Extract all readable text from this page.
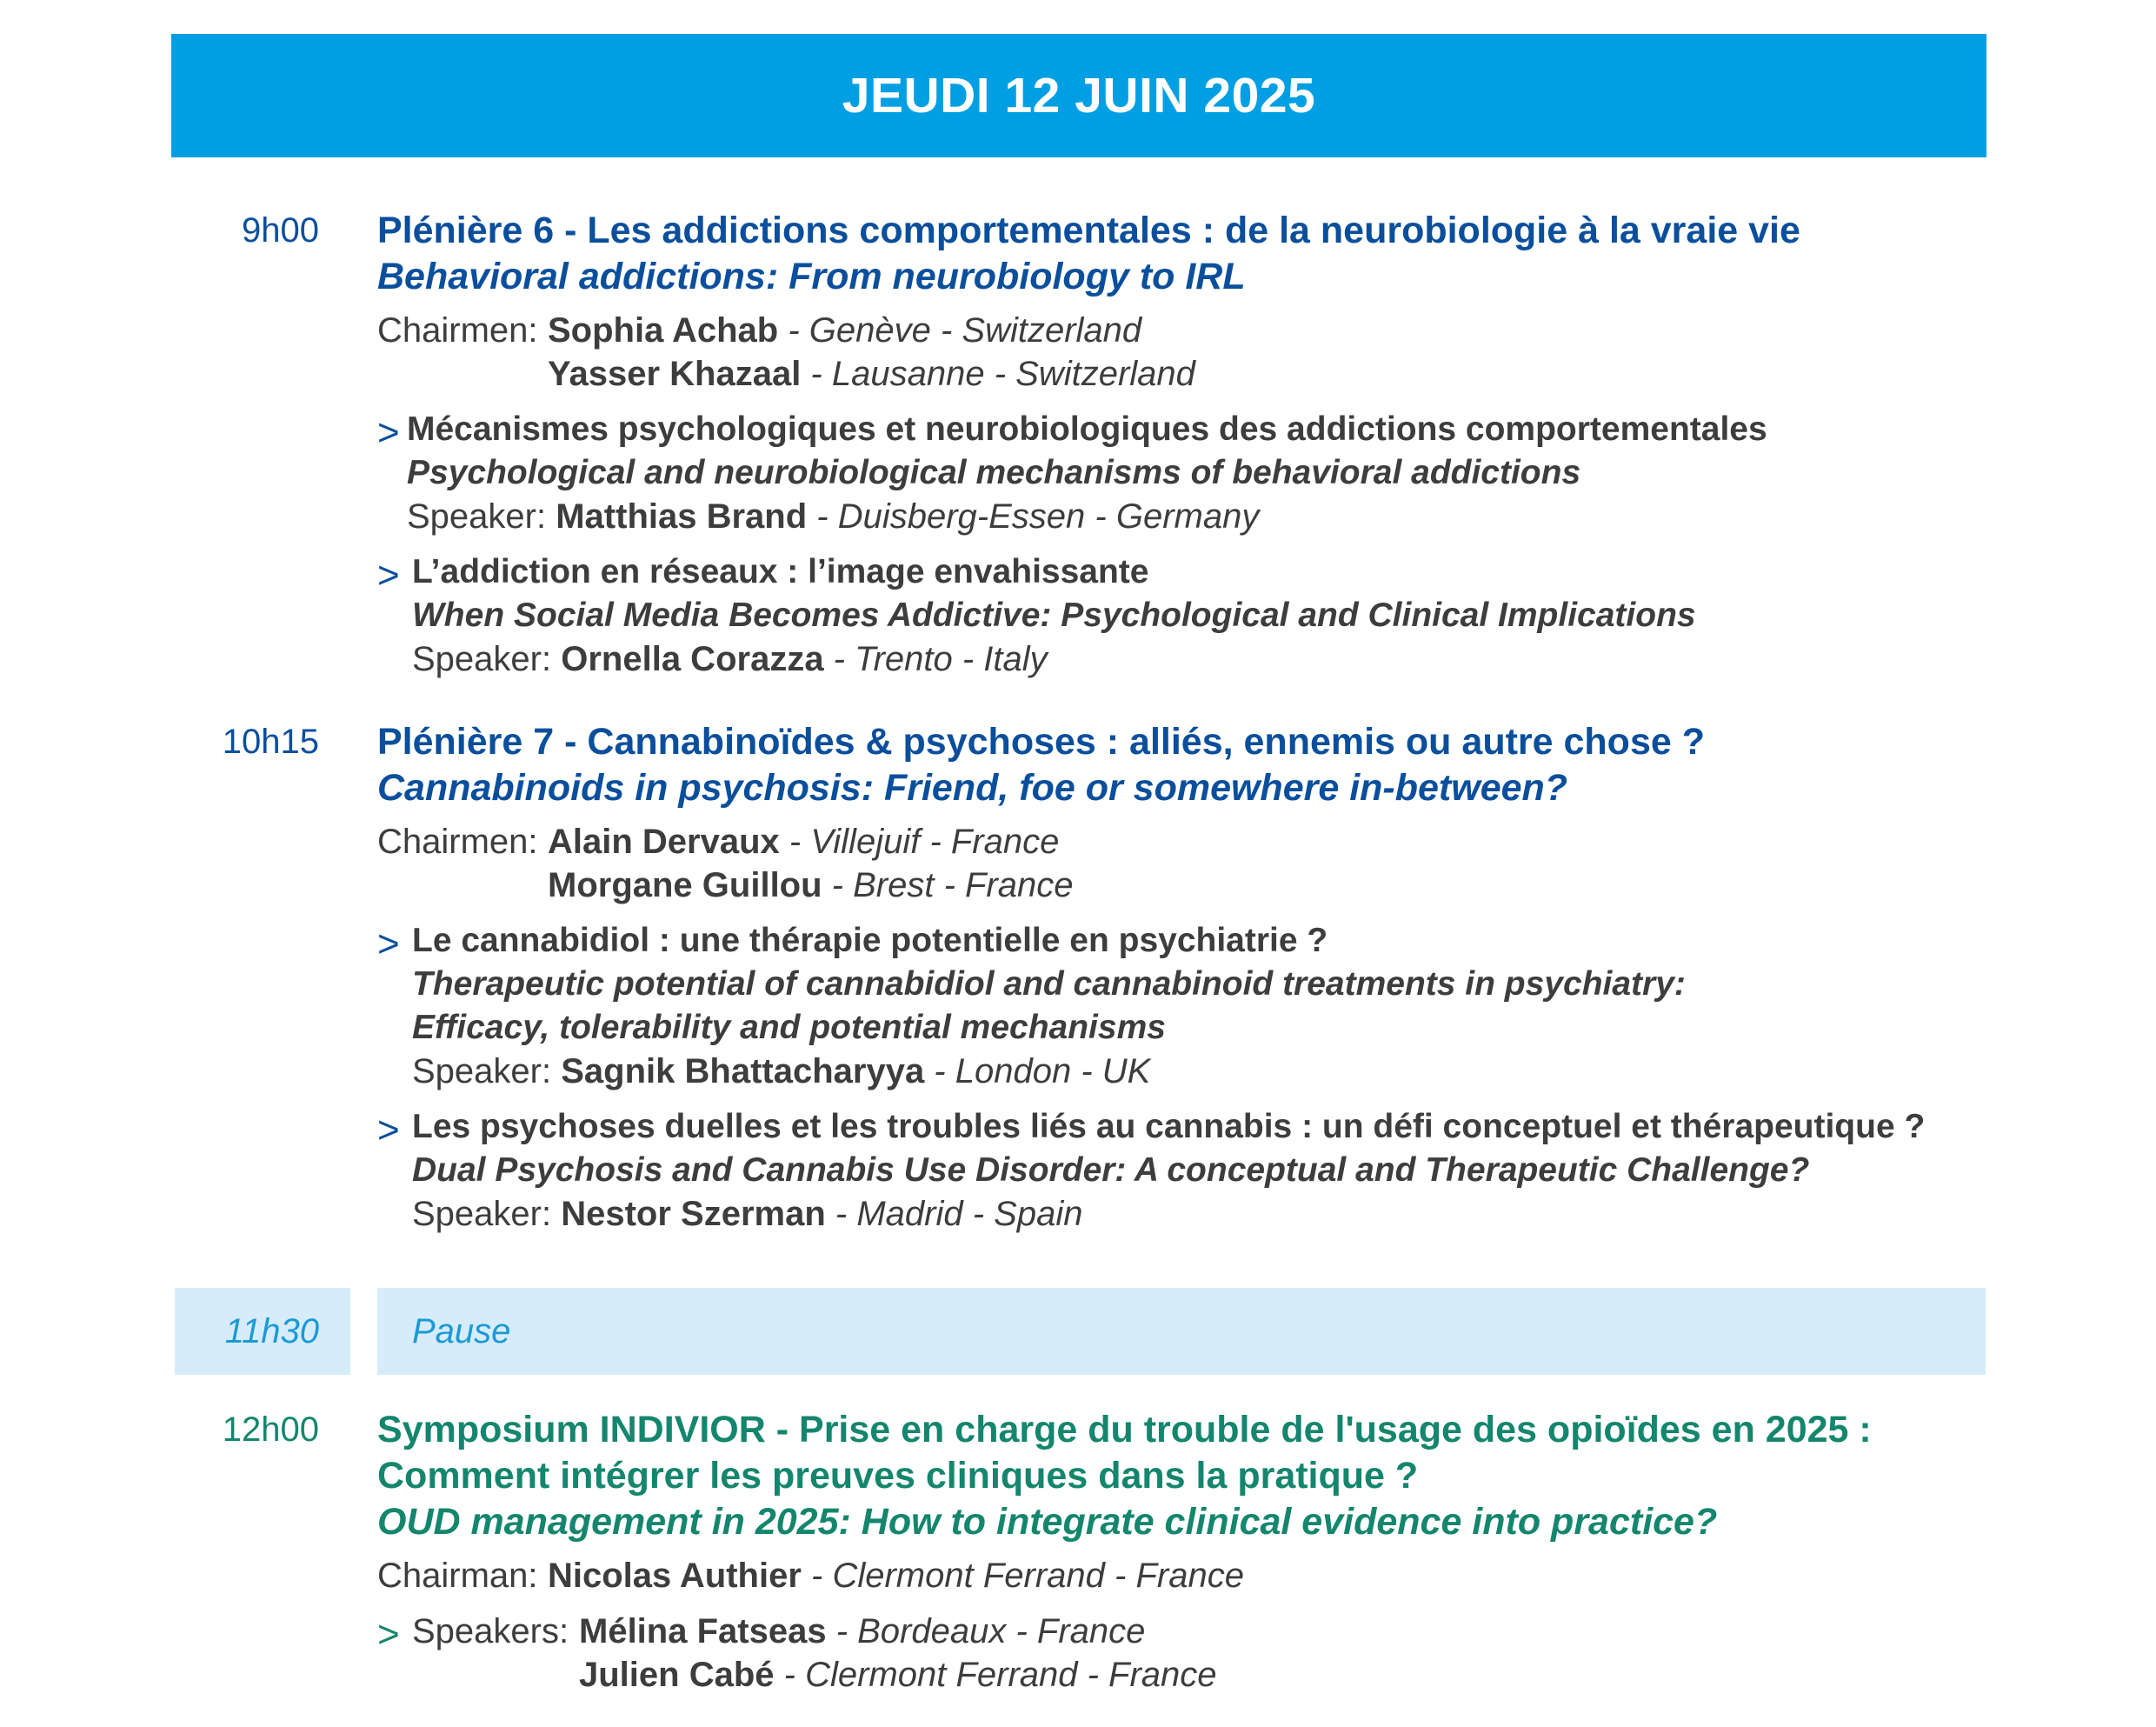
JEUDI 12 JUIN 2025
9h00 Plénière 6 - Les addictions comportementales : de la neurobiologie à la vraie vie
Behavioral addictions: From neurobiology to IRL
Chairmen: Sophia Achab - Genève - Switzerland
Yasser Khazaal - Lausanne - Switzerland
> Mécanismes psychologiques et neurobiologiques des addictions comportementales
Psychological and neurobiological mechanisms of behavioral addictions
Speaker: Matthias Brand - Duisberg-Essen - Germany
> L’addiction en réseaux : l’image envahissante
When Social Media Becomes Addictive: Psychological and Clinical Implications
Speaker: Ornella Corazza - Trento - Italy
10h15 Plénière 7 - Cannabinoïdes & psychoses : alliés, ennemis ou autre chose ?
Cannabinoids in psychosis: Friend, foe or somewhere in-between?
Chairmen: Alain Dervaux - Villejuif - France
Morgane Guillou - Brest - France
> Le cannabidiol : une thérapie potentielle en psychiatrie ?
Therapeutic potential of cannabidiol and cannabinoid treatments in psychiatry:
Efficacy, tolerability and potential mechanisms
Speaker: Sagnik Bhattacharyya - London - UK
> Les psychoses duelles et les troubles liés au cannabis : un défi conceptuel et thérapeutique ?
Dual Psychosis and Cannabis Use Disorder: A conceptual and Therapeutic Challenge?
Speaker: Nestor Szerman - Madrid - Spain
11h30	Pause
12h00 Symposium INDIVIOR - Prise en charge du trouble de l'usage des opioïdes en 2025 :
Comment intégrer les preuves cliniques dans la pratique ?
OUD management in 2025: How to integrate clinical evidence into practice?
Chairman: Nicolas Authier - Clermont Ferrand - France
> Speakers: Mélina Fatseas - Bordeaux - France
Julien Cabé - Clermont Ferrand - France
